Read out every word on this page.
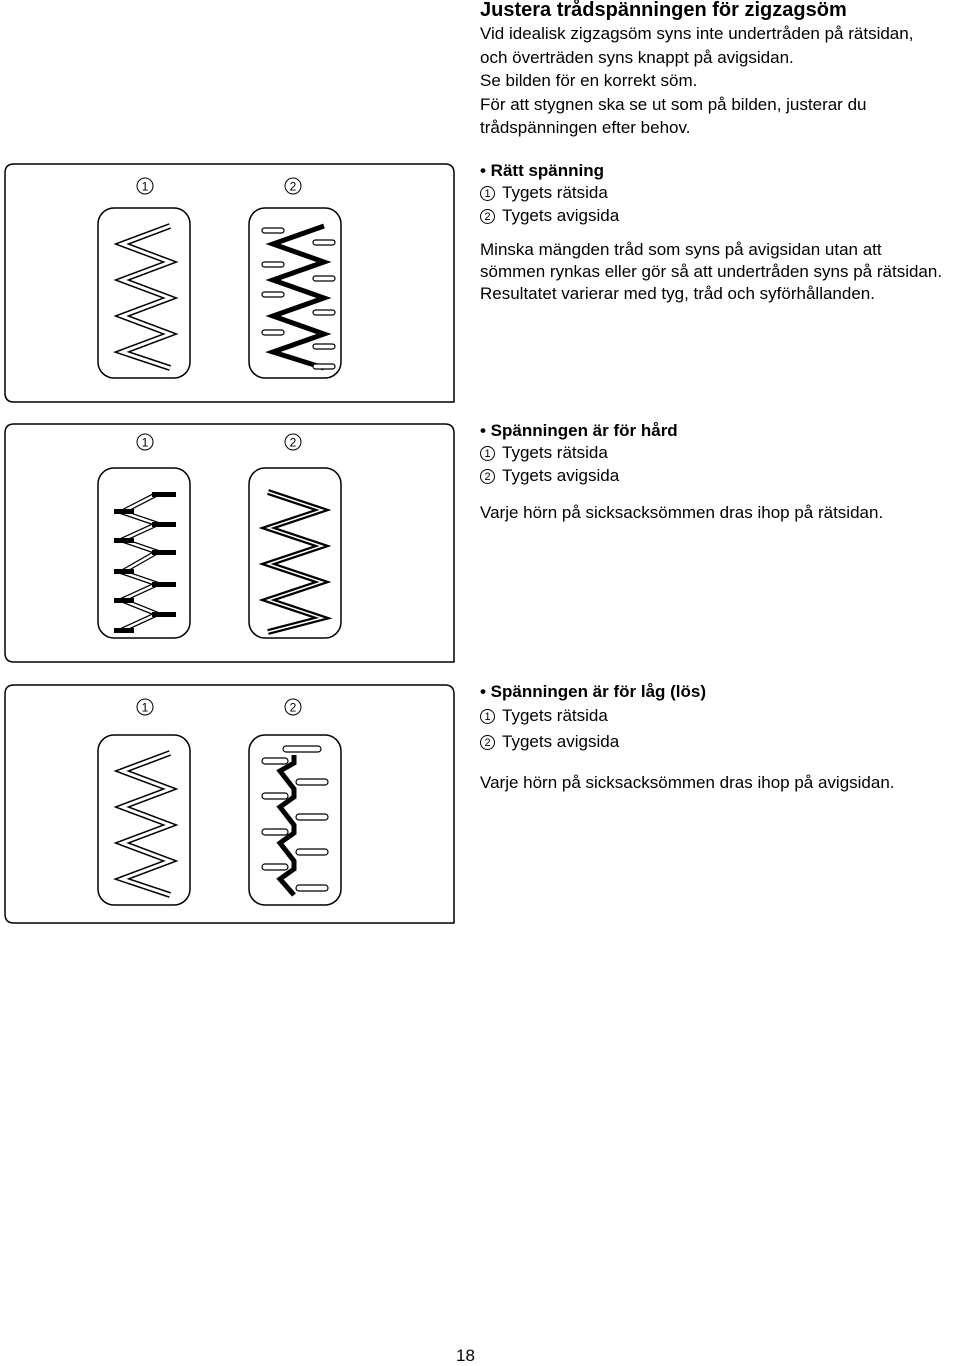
Justera trådspänningen för zigzagsöm
Vid idealisk zigzagsöm syns inte undertråden på rätsidan,
och överträden syns knappt på avigsidan.
Se bilden för en korrekt söm.
För att stygnen ska se ut som på bilden, justerar du
trådspänningen efter behov.
1	2
• Rätt spänning
1 Tygets rätsida
2 Tygets avigsida
Minska mängden tråd som syns på avigsidan utan att
sömmen rynkas eller gör så att undertråden syns på rätsidan.
Resultatet varierar med tyg, tråd och syförhållanden.
1	2
• Spänningen är för hård
1 Tygets rätsida
2 Tygets avigsida
Varje hörn på sicksacksömmen dras ihop på rätsidan.
1	2
• Spänningen är för låg (lös)
1 Tygets rätsida
2 Tygets avigsida
Varje hörn på sicksacksömmen dras ihop på avigsidan.
18
